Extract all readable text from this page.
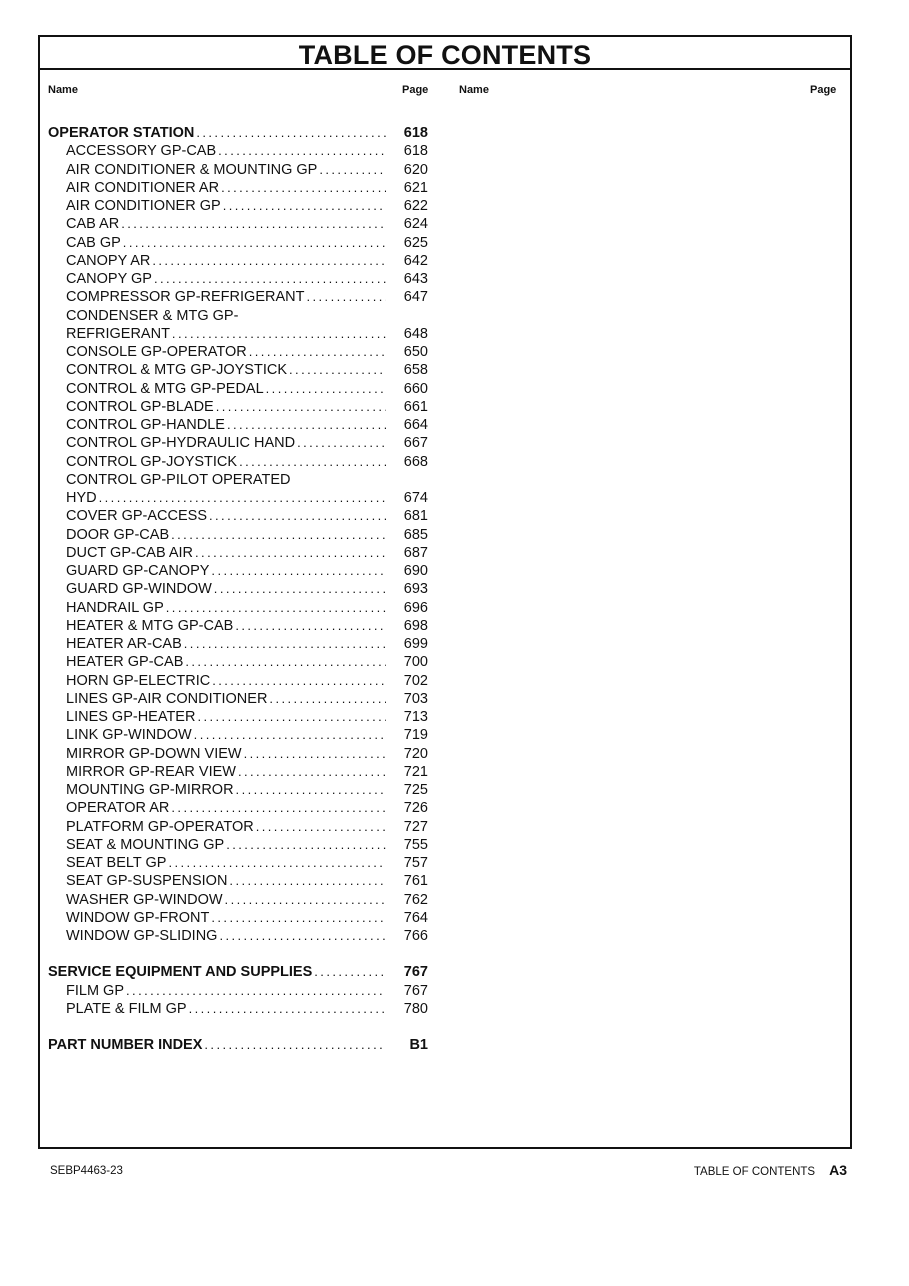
TABLE OF CONTENTS
Name	Page	Name	Page
OPERATOR STATION . . .	618
ACCESSORY GP-CAB . . .	618
AIR CONDITIONER & MOUNTING GP . . .	620
AIR CONDITIONER AR . . .	621
AIR CONDITIONER GP . . .	622
CAB AR . . .	624
CAB GP . . .	625
CANOPY AR . . .	642
CANOPY GP . . .	643
COMPRESSOR GP-REFRIGERANT . . .	647
CONDENSER & MTG GP-
REFRIGERANT . . .	648
CONSOLE GP-OPERATOR . . .	650
CONTROL & MTG GP-JOYSTICK . . .	658
CONTROL & MTG GP-PEDAL . . .	660
CONTROL GP-BLADE . . .	661
CONTROL GP-HANDLE . . .	664
CONTROL GP-HYDRAULIC HAND . . .	667
CONTROL GP-JOYSTICK . . .	668
CONTROL GP-PILOT OPERATED
HYD . . .	674
COVER GP-ACCESS . . .	681
DOOR GP-CAB . . .	685
DUCT GP-CAB AIR . . .	687
GUARD GP-CANOPY . . .	690
GUARD GP-WINDOW . . .	693
HANDRAIL GP . . .	696
HEATER & MTG GP-CAB . . .	698
HEATER AR-CAB . . .	699
HEATER GP-CAB . . .	700
HORN GP-ELECTRIC . . .	702
LINES GP-AIR CONDITIONER . . .	703
LINES GP-HEATER . . .	713
LINK GP-WINDOW . . .	719
MIRROR GP-DOWN VIEW . . .	720
MIRROR GP-REAR VIEW . . .	721
MOUNTING GP-MIRROR . . .	725
OPERATOR AR . . .	726
PLATFORM GP-OPERATOR . . .	727
SEAT & MOUNTING GP . . .	755
SEAT BELT GP . . .	757
SEAT GP-SUSPENSION . . .	761
WASHER GP-WINDOW . . .	762
WINDOW GP-FRONT . . .	764
WINDOW GP-SLIDING . . .	766
SERVICE EQUIPMENT AND SUPPLIES . . .	767
FILM GP . . .	767
PLATE & FILM GP . . .	780
PART NUMBER INDEX . . .	B1
SEBP4463-23	TABLE OF CONTENTS A3
